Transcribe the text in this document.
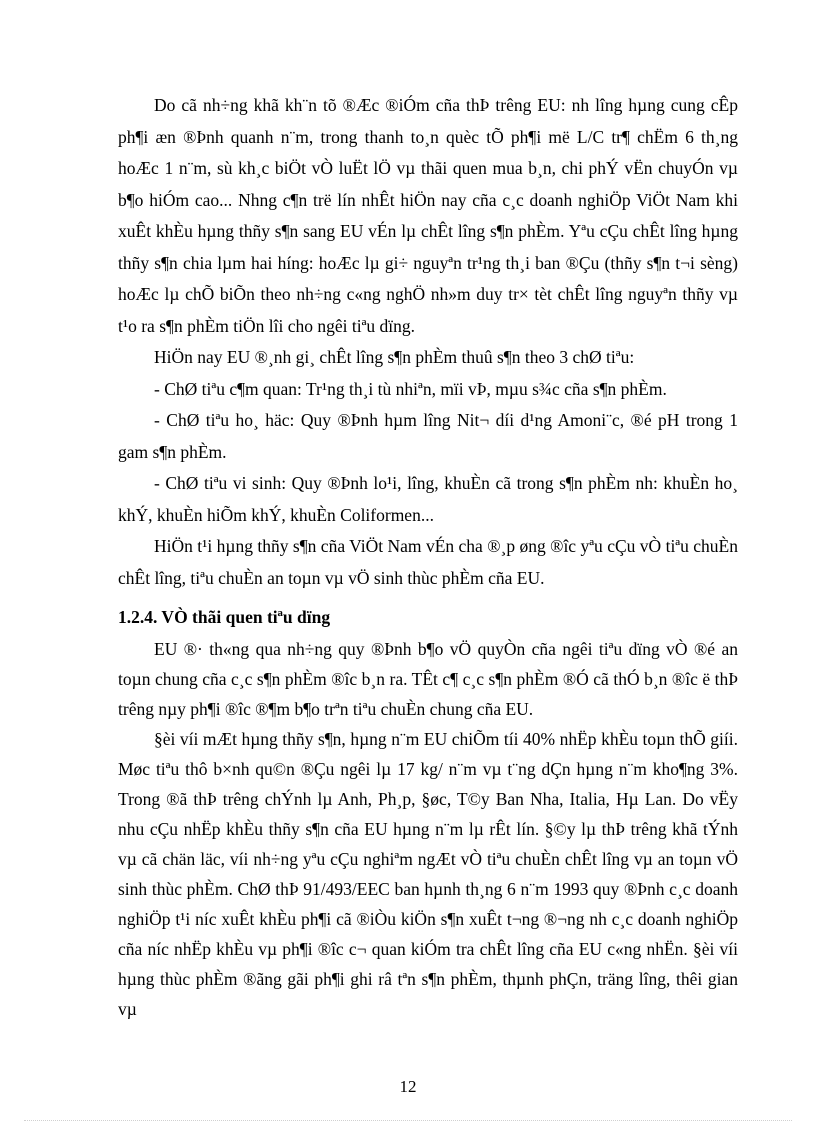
Do cã nh÷ng khã kh¨n tõ ®Æc ®iÓm cña thÞ trêng EU: nh lîng hµng cung cÊp ph¶i æn ®Þnh quanh n¨m, trong thanh to¸n quèc tÕ ph¶i më L/C tr¶ chËm 6 th¸ng hoÆc 1 n¨m, sù kh¸c biÖt vÒ luËt lÖ vµ thãi quen mua b¸n, chi phÝ vËn chuyÓn vµ b¶o hiÓm cao... Nhng c¶n trë lín nhÊt hiÖn nay cña c¸c doanh nghiÖp ViÖt Nam khi xuÊt khÈu hµng thñy s¶n sang EU vÉn lµ chÊt lîng s¶n phÈm. Yªu cÇu chÊt lîng hµng thñy s¶n chia lµm hai híng: hoÆc lµ gi÷ nguyªn tr¹ng th¸i ban ®Çu (thñy s¶n t¬i sèng) hoÆc lµ chÕ biÕn theo nh÷ng c«ng nghÖ nh»m duy tr× tèt chÊt lîng nguyªn thñy vµ t¹o ra s¶n phÈm tiÖn lîi cho ngêi tiªu dïng.

HiÖn nay EU ®¸nh gi¸ chÊt lîng s¶n phÈm thuû s¶n theo 3 chØ tiªu:

- ChØ tiªu c¶m quan: Tr¹ng th¸i tù nhiªn, mïi vÞ, mµu s¾c cña s¶n phÈm.

- ChØ tiªu ho¸ häc: Quy ®Þnh hµm lîng Nit¬ díi d¹ng Amoni¨c, ®é pH trong 1 gam s¶n phÈm.

- ChØ tiªu vi sinh: Quy ®Þnh lo¹i, lîng, khuÈn cã trong s¶n phÈm nh: khuÈn ho¸ khÝ, khuÈn hiÕm khÝ, khuÈn Coliformen...

HiÖn t¹i hµng thñy s¶n cña ViÖt Nam vÉn cha ®¸p øng ®îc yªu cÇu vÒ tiªu chuÈn chÊt lîng, tiªu chuÈn an toµn vµ vÖ sinh thùc phÈm cña EU.

1.2.4. VÒ thãi quen tiªu dïng

EU ®· th«ng qua nh÷ng quy ®Þnh b¶o vÖ quyÒn cña ngêi tiªu dïng vÒ ®é an toµn chung cña c¸c s¶n phÈm ®îc b¸n ra. TÊt c¶ c¸c s¶n phÈm ®Ó cã thÓ b¸n ®îc ë thÞ trêng nµy ph¶i ®îc ®¶m b¶o trªn tiªu chuÈn chung cña EU.

§èi víi mÆt hµng thñy s¶n, hµng n¨m EU chiÕm tíi 40% nhËp khÈu toµn thÕ giíi. Møc tiªu thô b×nh qu©n ®Çu ngêi lµ 17 kg/ n¨m vµ t¨ng dÇn hµng n¨m kho¶ng 3%. Trong ®ã thÞ trêng chÝnh lµ Anh, Ph¸p, §øc, T©y Ban Nha, Italia, Hµ Lan. Do vËy nhu cÇu nhËp khÈu thñy s¶n cña EU hµng n¨m lµ rÊt lín. §©y lµ thÞ trêng khã tÝnh vµ cã chän läc, víi nh÷ng yªu cÇu nghiªm ngÆt vÒ tiªu chuÈn chÊt lîng vµ an toµn vÖ sinh thùc phÈm. ChØ thÞ 91/493/EEC ban hµnh th¸ng 6 n¨m 1993 quy ®Þnh c¸c doanh nghiÖp t¹i níc xuÊt khÈu ph¶i cã ®iÒu kiÖn s¶n xuÊt t¬ng ®¬ng nh c¸c doanh nghiÖp cña níc nhËp khÈu vµ ph¶i ®îc c¬ quan kiÓm tra chÊt lîng cña EU c«ng nhËn. §èi víi hµng thùc phÈm ®ãng gãi ph¶i ghi râ tªn s¶n phÈm, thµnh phÇn, träng lîng, thêi gian vµ

12
